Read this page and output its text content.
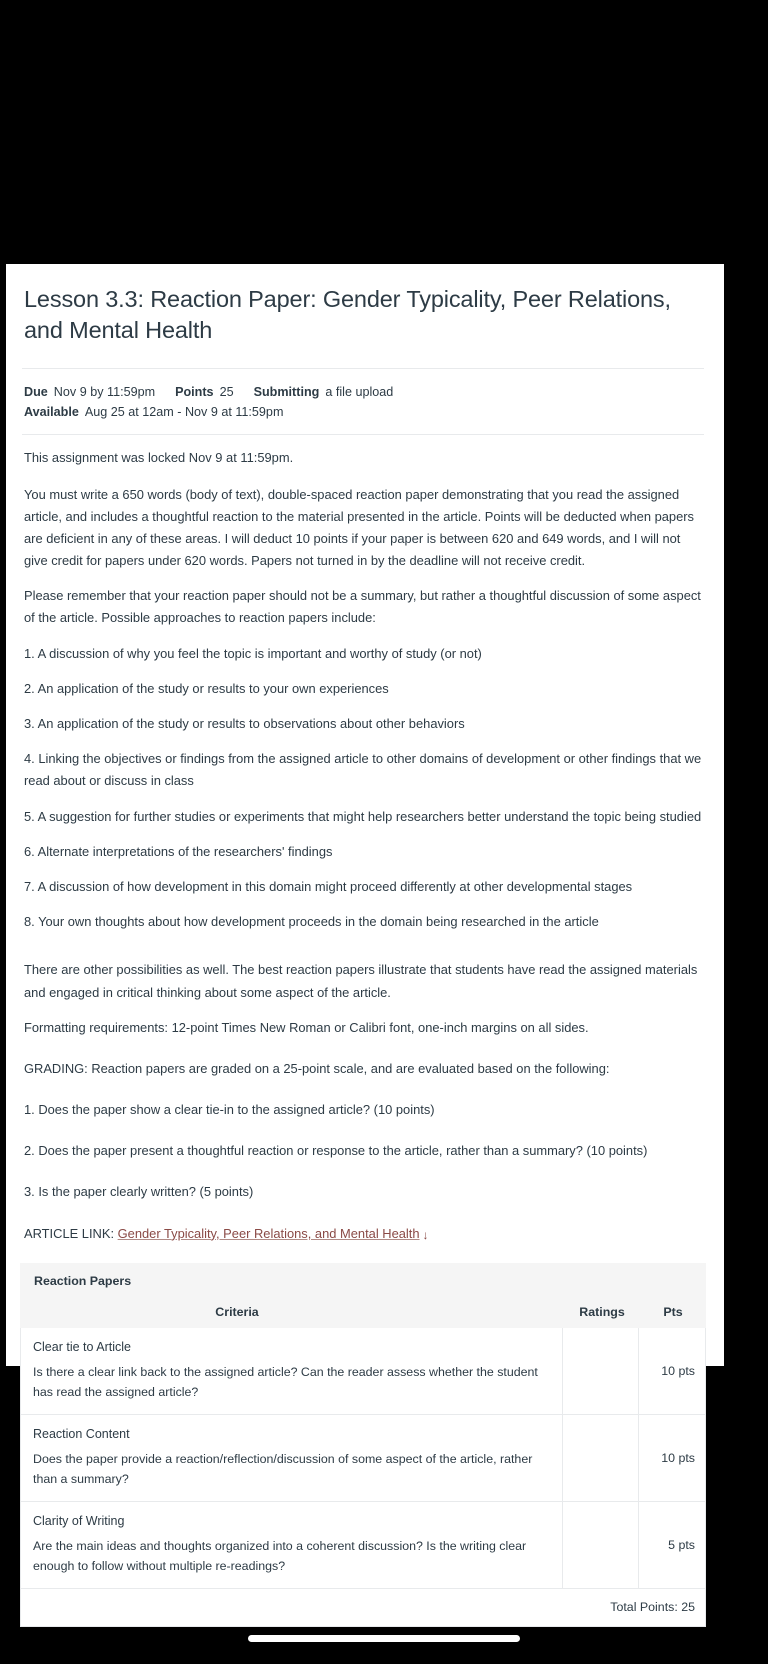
Lesson 3.3: Reaction Paper: Gender Typicality, Peer Relations, and Mental Health
Due Nov 9 by 11:59pm Points 25 Submitting a file upload
Available Aug 25 at 12am - Nov 9 at 11:59pm

This assignment was locked Nov 9 at 11:59pm.

You must write a 650 words (body of text), double-spaced reaction paper demonstrating that you read the assigned article, and includes a thoughtful reaction to the material presented in the article. Points will be deducted when papers are deficient in any of these areas. I will deduct 10 points if your paper is between 620 and 649 words, and I will not give credit for papers under 620 words. Papers not turned in by the deadline will not receive credit.

Please remember that your reaction paper should not be a summary, but rather a thoughtful discussion of some aspect of the article. Possible approaches to reaction papers include:

1. A discussion of why you feel the topic is important and worthy of study (or not)

2. An application of the study or results to your own experiences

3. An application of the study or results to observations about other behaviors

4. Linking the objectives or findings from the assigned article to other domains of development or other findings that we read about or discuss in class

5. A suggestion for further studies or experiments that might help researchers better understand the topic being studied

6. Alternate interpretations of the researchers' findings

7. A discussion of how development in this domain might proceed differently at other developmental stages

8. Your own thoughts about how development proceeds in the domain being researched in the article

There are other possibilities as well. The best reaction papers illustrate that students have read the assigned materials and engaged in critical thinking about some aspect of the article.

Formatting requirements: 12-point Times New Roman or Calibri font, one-inch margins on all sides.

GRADING: Reaction papers are graded on a 25-point scale, and are evaluated based on the following:

1. Does the paper show a clear tie-in to the assigned article? (10 points)

2. Does the paper present a thoughtful reaction or response to the article, rather than a summary? (10 points)

3. Is the paper clearly written? (5 points)

ARTICLE LINK: Gender Typicality, Peer Relations, and Mental Health ↓

Reaction Papers
Criteria	Ratings	Pts
Clear tie to Article
Is there a clear link back to the assigned article? Can the reader assess whether the student has read the assigned article?
10 pts
Reaction Content
Does the paper provide a reaction/reflection/discussion of some aspect of the article, rather than a summary?
10 pts
Clarity of Writing
Are the main ideas and thoughts organized into a coherent discussion? Is the writing clear enough to follow without multiple re-readings?
5 pts
Total Points: 25
